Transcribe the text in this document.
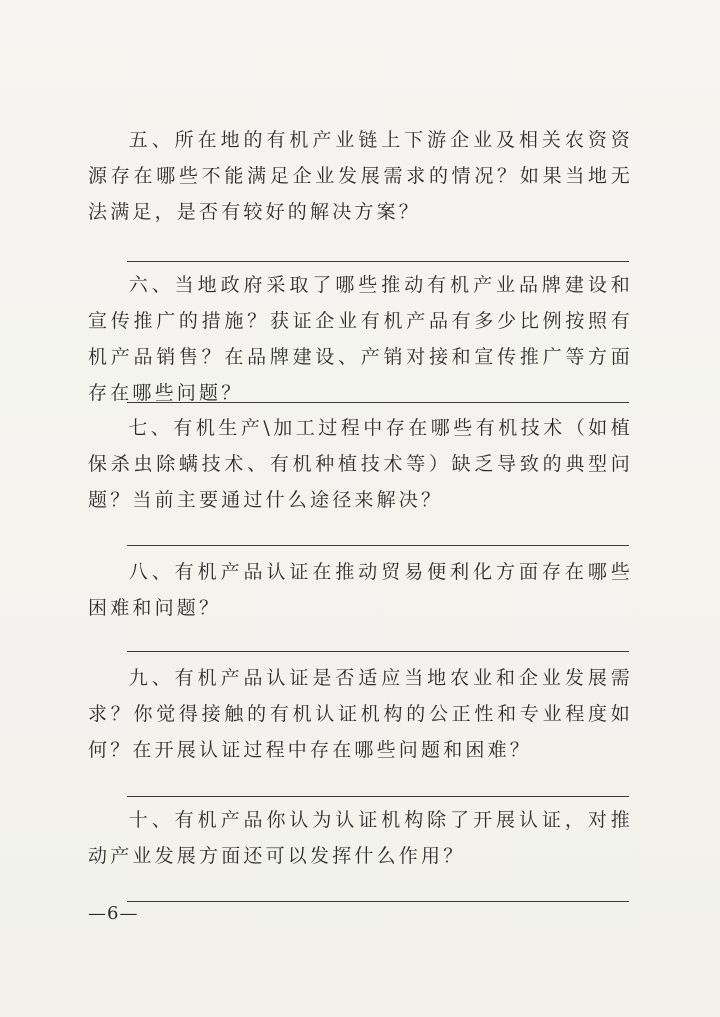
五、所在地的有机产业链上下游企业及相关农资资源存在哪些不能满足企业发展需求的情况？如果当地无法满足，是否有较好的解决方案？
六、当地政府采取了哪些推动有机产业品牌建设和宣传推广的措施？获证企业有机产品有多少比例按照有机产品销售？在品牌建设、产销对接和宣传推广等方面存在哪些问题？
七、有机生产\加工过程中存在哪些有机技术（如植保杀虫除螨技术、有机种植技术等）缺乏导致的典型问题？当前主要通过什么途径来解决？
八、有机产品认证在推动贸易便利化方面存在哪些困难和问题？
九、有机产品认证是否适应当地农业和企业发展需求？你觉得接触的有机认证机构的公正性和专业程度如何？在开展认证过程中存在哪些问题和困难？
十、有机产品你认为认证机构除了开展认证，对推动产业发展方面还可以发挥什么作用？
—6—
